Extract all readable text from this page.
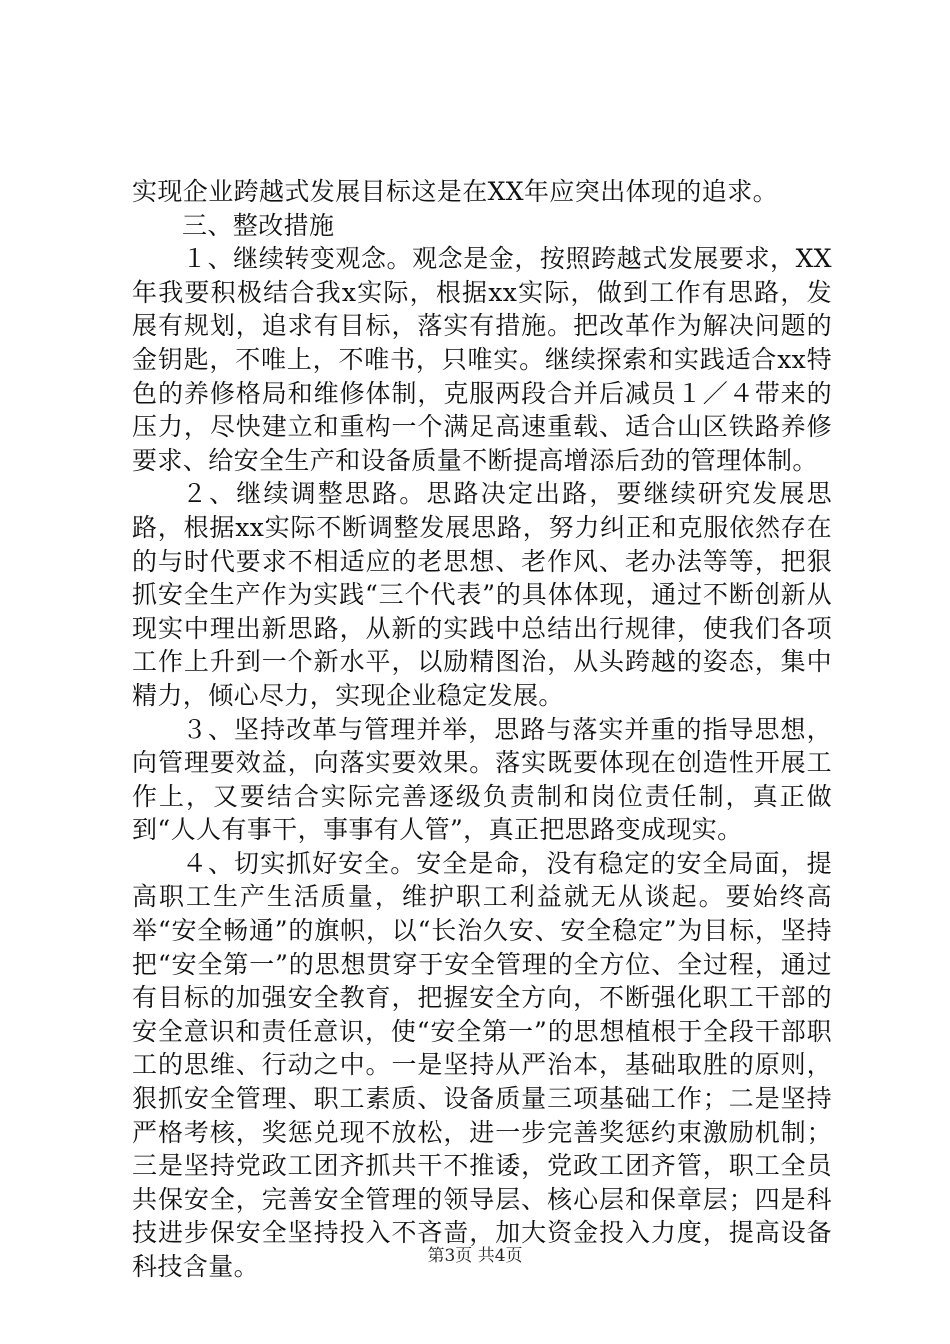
实现企业跨越式发展目标这是在XX年应突出体现的追求。

三、整改措施

１、继续转变观念。观念是金，按照跨越式发展要求，XX年我要积极结合我x实际，根据xx实际，做到工作有思路，发展有规划，追求有目标，落实有措施。把改革作为解决问题的金钥匙，不唯上，不唯书，只唯实。继续探索和实践适合xx特色的养修格局和维修体制，克服两段合并后减员１／４带来的压力，尽快建立和重构一个满足高速重载、适合山区铁路养修要求、给安全生产和设备质量不断提高增添后劲的管理体制。

２、继续调整思路。思路决定出路，要继续研究发展思路，根据xx实际不断调整发展思路，努力纠正和克服依然存在的与时代要求不相适应的老思想、老作风、老办法等等，把狠抓安全生产作为实践“三个代表”的具体体现，通过不断创新从现实中理出新思路，从新的实践中总结出行规律，使我们各项工作上升到一个新水平，以励精图治，从头跨越的姿态，集中精力，倾心尽力，实现企业稳定发展。

３、坚持改革与管理并举，思路与落实并重的指导思想，向管理要效益，向落实要效果。落实既要体现在创造性开展工作上，又要结合实际完善逐级负责制和岗位责任制，真正做到“人人有事干，事事有人管”，真正把思路变成现实。

４、切实抓好安全。安全是命，没有稳定的安全局面，提高职工生产生活质量，维护职工利益就无从谈起。要始终高举“安全畅通”的旗帜，以“长治久安、安全稳定”为目标，坚持把“安全第一”的思想贯穿于安全管理的全方位、全过程，通过有目标的加强安全教育，把握安全方向，不断强化职工干部的安全意识和责任意识，使“安全第一”的思想植根于全段干部职工的思维、行动之中。一是坚持从严治本，基础取胜的原则，狠抓安全管理、职工素质、设备质量三项基础工作；二是坚持严格考核，奖惩兑现不放松，进一步完善奖惩约束激励机制；三是坚持党政工团齐抓共干不推诿，党政工团齐管，职工全员共保安全，完善安全管理的领导层、核心层和保章层；四是科技进步保安全坚持投入不吝啬，加大资金投入力度，提高设备科技含量。	第3页 共4页
